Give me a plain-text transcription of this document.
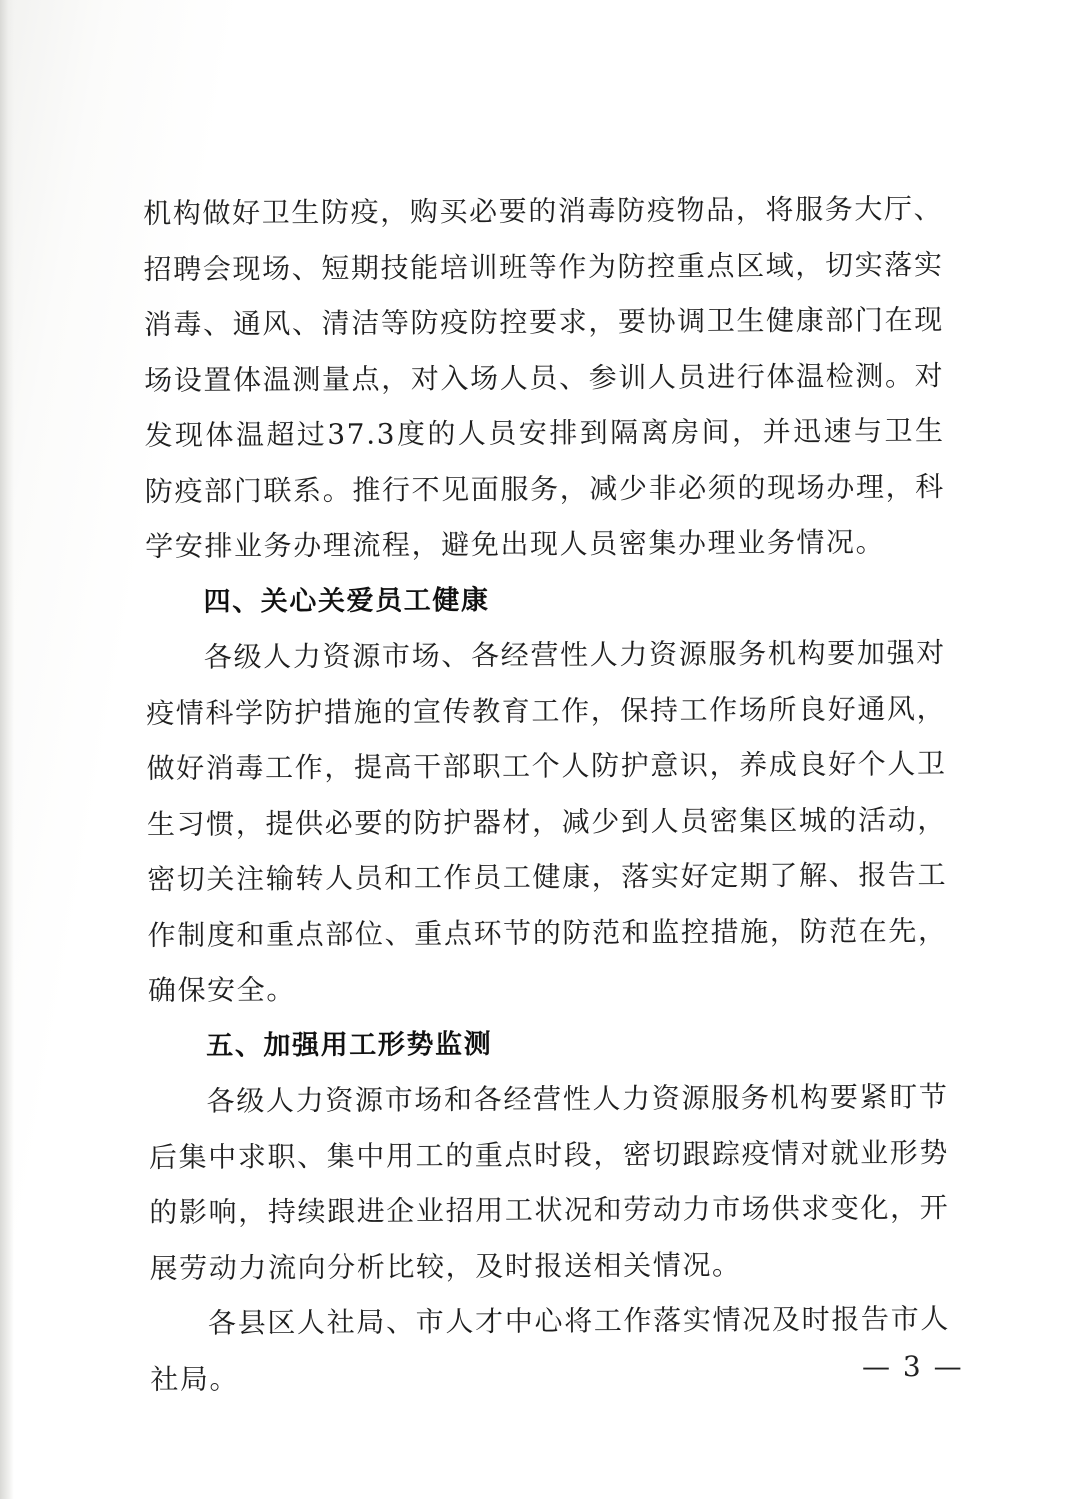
机构做好卫生防疫，购买必要的消毒防疫物品，将服务大厅、招聘会现场、短期技能培训班等作为防控重点区域，切实落实消毒、通风、清洁等防疫防控要求，要协调卫生健康部门在现场设置体温测量点，对入场人员、参训人员进行体温检测。对发现体温超过37.3度的人员安排到隔离房间，并迅速与卫生防疫部门联系。推行不见面服务，减少非必须的现场办理，科学安排业务办理流程，避免出现人员密集办理业务情况。

四、关心关爱员工健康

各级人力资源市场、各经营性人力资源服务机构要加强对疫情科学防护措施的宣传教育工作，保持工作场所良好通风，做好消毒工作，提高干部职工个人防护意识，养成良好个人卫生习惯，提供必要的防护器材，减少到人员密集区城的活动，密切关注输转人员和工作员工健康，落实好定期了解、报告工作制度和重点部位、重点环节的防范和监控措施，防范在先，确保安全。

五、加强用工形势监测

各级人力资源市场和各经营性人力资源服务机构要紧盯节后集中求职、集中用工的重点时段，密切跟踪疫情对就业形势的影响，持续跟进企业招用工状况和劳动力市场供求变化，开展劳动力流向分析比较，及时报送相关情况。

各县区人社局、市人才中心将工作落实情况及时报告市人社局。	— 3 —
